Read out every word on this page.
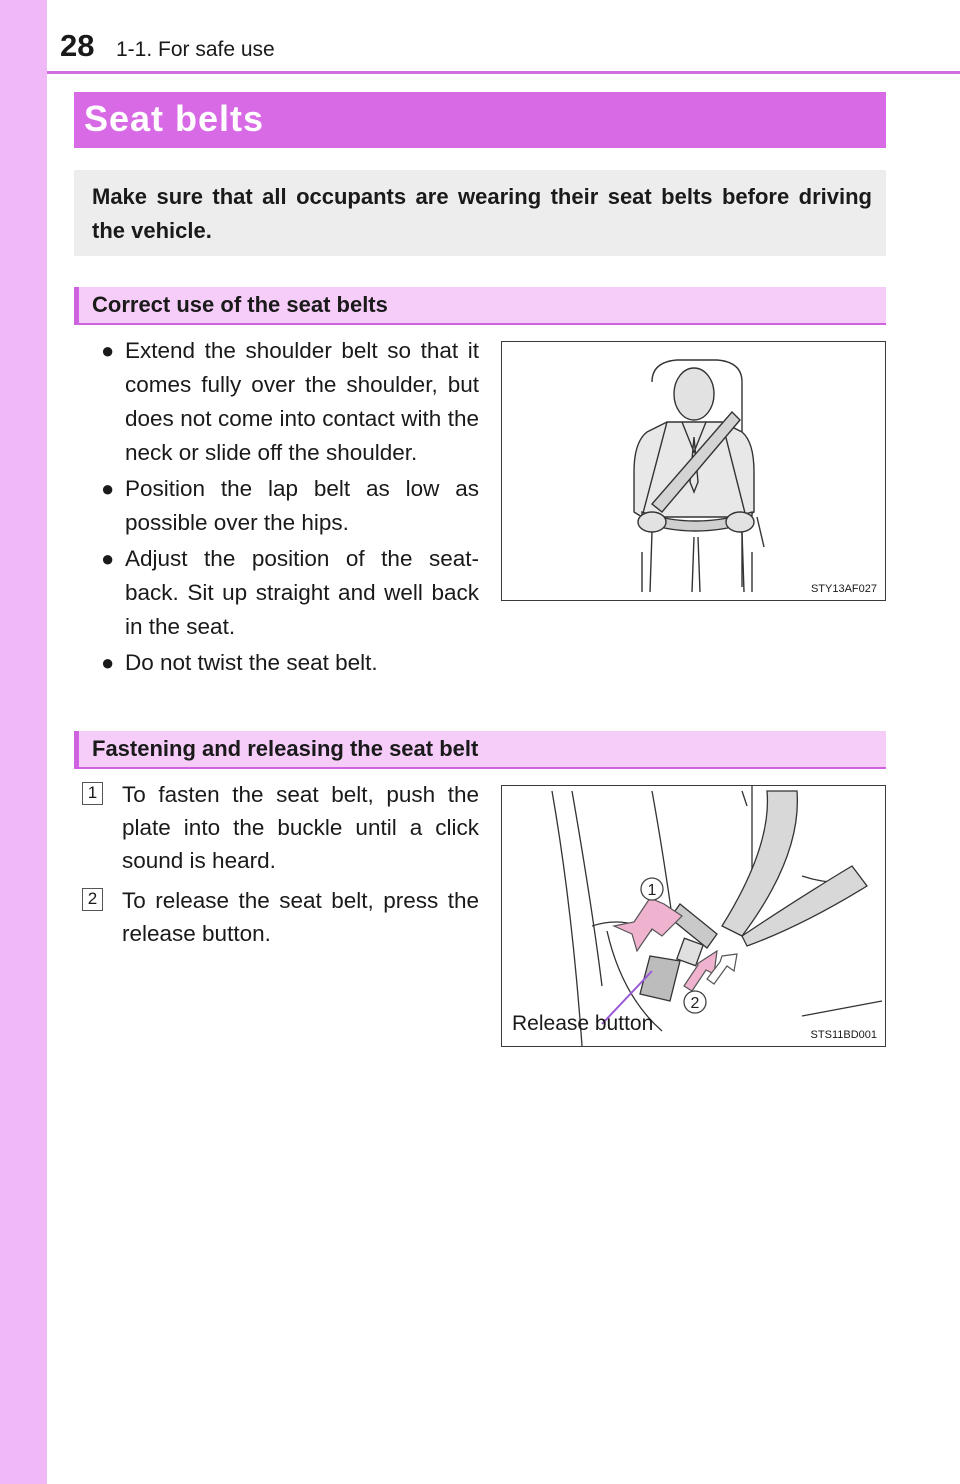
28 1-1. For safe use
Seat belts
Make sure that all occupants are wearing their seat belts before driving the vehicle.
Correct use of the seat belts
● Extend the shoulder belt so that it comes fully over the shoulder, but does not come into contact with the neck or slide off the shoulder.
● Position the lap belt as low as possible over the hips.
● Adjust the position of the seat-back. Sit up straight and well back in the seat.
● Do not twist the seat belt.
STY13AF027
Fastening and releasing the seat belt
1 To fasten the seat belt, push the plate into the buckle until a click sound is heard.
2 To release the seat belt, press the release button.
1
2
Release button	STS11BD001
